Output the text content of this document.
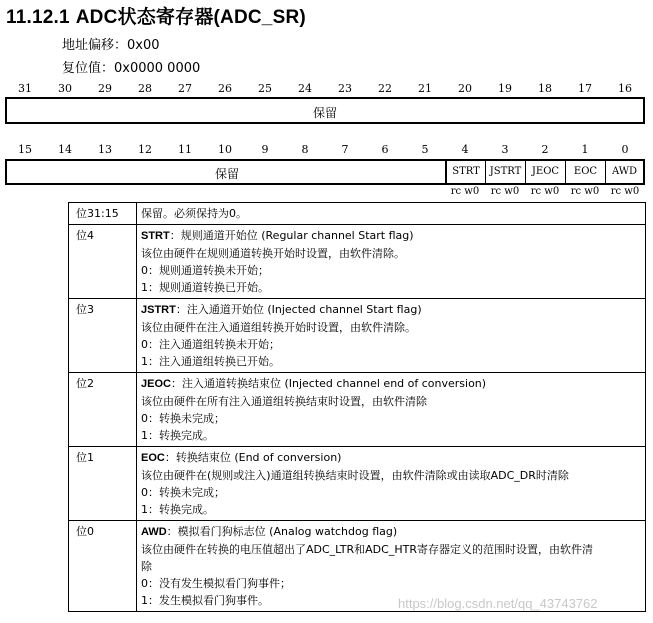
11.12.1 ADC状态寄存器(ADC_SR)
地址偏移：0x00
复位值：0x0000 0000
31	30	29	28	27	26	25	24	23	22	21	20	19	18	17	16
保留
15	14	13	12	11	10	9	8	7	6	5	4	3	2	1	0
保留	STRT JSTRT	JEOC	EOC	AWD
rc w0	rc w0	rc w0	rc w0	rc w0
位31:15	保留。必须保持为0。

位4	STRT：规则通道开始位 (Regular channel Start flag)
该位由硬件在规则通道转换开始时设置，由软件清除。
0：规则通道转换未开始；
1：规则通道转换已开始。

位3	JSTRT：注入通道开始位 (Injected channel Start flag)
该位由硬件在注入通道组转换开始时设置，由软件清除。
0：注入通道组转换未开始；
1：注入通道组转换已开始。

位2	JEOC：注入通道转换结束位 (Injected channel end of conversion)
该位由硬件在所有注入通道组转换结束时设置，由软件清除
0：转换未完成；
1：转换完成。

位1	EOC：转换结束位 (End of conversion)
该位由硬件在(规则或注入)通道组转换结束时设置，由软件清除或由读取ADC_DR时清除
0：转换未完成；
1：转换完成。

位0	AWD：模拟看门狗标志位 (Analog watchdog flag)
该位由硬件在转换的电压值超出了ADC_LTR和ADC_HTR寄存器定义的范围时设置，由软件清
除
0：没有发生模拟看门狗事件；
1：发生模拟看门狗事件。	https://blog.csdn.net/qq_43743762
